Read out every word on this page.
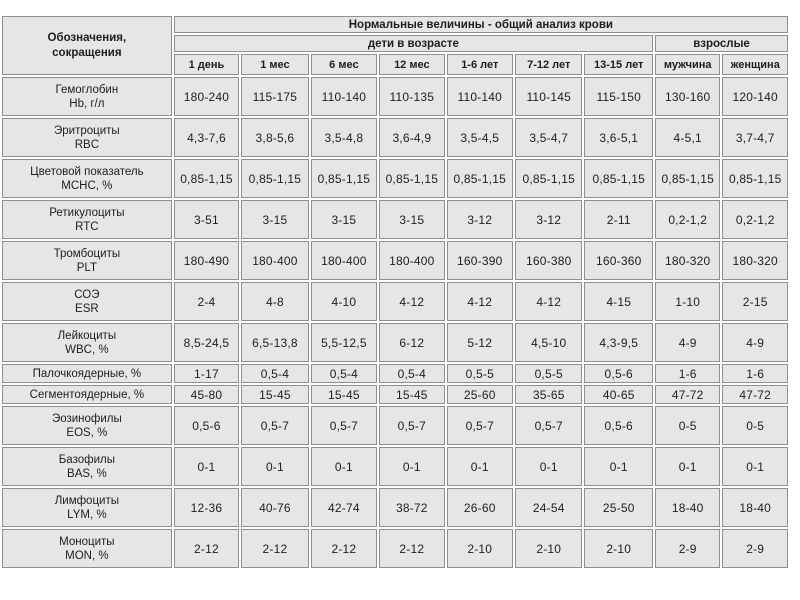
Обозначения,
сокращения	Нормальные величины - общий анализ крови								
	дети в возрасте							взрослые	
	1 день	1 мес	6 мес	12 мес	1-6 лет	7-12 лет	13-15 лет	мужчина	женщина

Гемоглобин
Hb, г/л	180-240	115-175	110-140	110-135	110-140	110-145	115-150	130-160	120-140

Эритроциты
RBC	4,3-7,6	3,8-5,6	3,5-4,8	3,6-4,9	3,5-4,5	3,5-4,7	3,6-5,1	4-5,1	3,7-4,7

Цветовой показатель
MCHC, %	0,85-1,15	0,85-1,15	0,85-1,15	0,85-1,15	0,85-1,15	0,85-1,15	0,85-1,15	0,85-1,15	0,85-1,15

Ретикулоциты
RTC	3-51	3-15	3-15	3-15	3-12	3-12	2-11	0,2-1,2	0,2-1,2

Тромбоциты
PLT	180-490	180-400	180-400	180-400	160-390	160-380	160-360	180-320	180-320

СОЭ
ESR	2-4	4-8	4-10	4-12	4-12	4-12	4-15	1-10	2-15

Лейкоциты
WBC, %	8,5-24,5	6,5-13,8	5,5-12,5	6-12	5-12	4,5-10	4,3-9,5	4-9	4-9

Палочкоядерные, %	1-17	0,5-4	0,5-4	0,5-4	0,5-5	0,5-5	0,5-6	1-6	1-6

Сегментоядерные, %	45-80	15-45	15-45	15-45	25-60	35-65	40-65	47-72	47-72

Эозинофилы
EOS, %	0,5-6	0,5-7	0,5-7	0,5-7	0,5-7	0,5-7	0,5-6	0-5	0-5

Базофилы
BAS, %	0-1	0-1	0-1	0-1	0-1	0-1	0-1	0-1	0-1

Лимфоциты
LYM, %	12-36	40-76	42-74	38-72	26-60	24-54	25-50	18-40	18-40

Моноциты
MON, %	2-12	2-12	2-12	2-12	2-10	2-10	2-10	2-9	2-9
